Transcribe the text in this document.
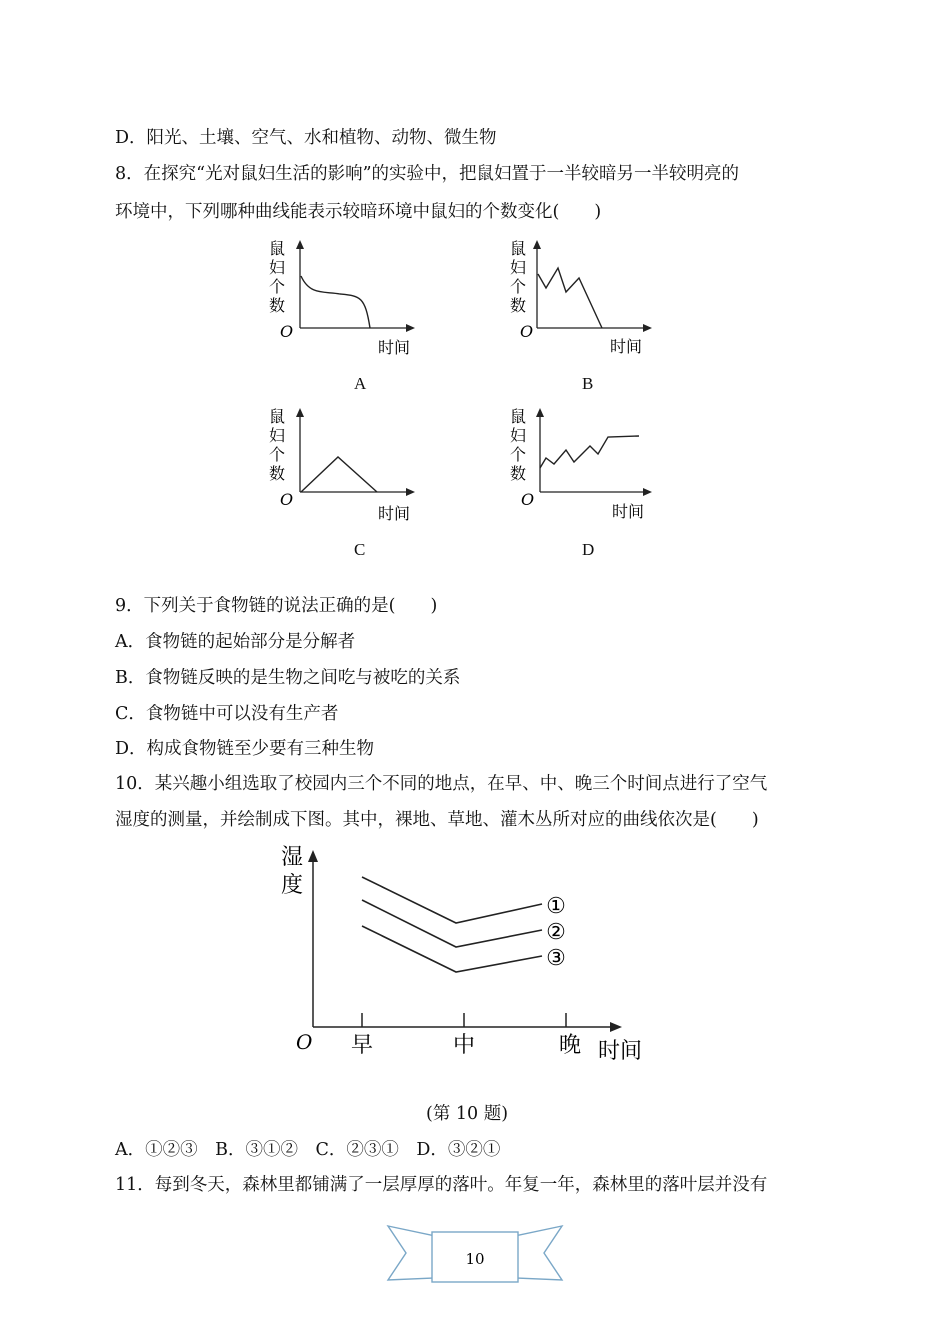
D．阳光、土壤、空气、水和植物、动物、微生物
8．在探究“光对鼠妇生活的影响”的实验中，把鼠妇置于一半较暗另一半较明亮的
环境中，下列哪种曲线能表示较暗环境中鼠妇的个数变化(　　)
鼠
妇
个
数
O
时间
A
鼠
妇
个
数
O
时间
B
鼠
妇
个
数
O
时间
C
鼠
妇
个
数
O
时间
D
9．下列关于食物链的说法正确的是(　　)
A．食物链的起始部分是分解者
B．食物链反映的是生物之间吃与被吃的关系
C．食物链中可以没有生产者
D．构成食物链至少要有三种生物
10．某兴趣小组选取了校园内三个不同的地点，在早、中、晚三个时间点进行了空气
湿度的测量，并绘制成下图。其中，裸地、草地、灌木丛所对应的曲线依次是(　　)
湿
度
O 早	中	晚 时间
①
②
③
(第 10 题)
A．①②③　B．③①②　C．②③①　D．③②①
11．每到冬天，森林里都铺满了一层厚厚的落叶。年复一年，森林里的落叶层并没有
10
